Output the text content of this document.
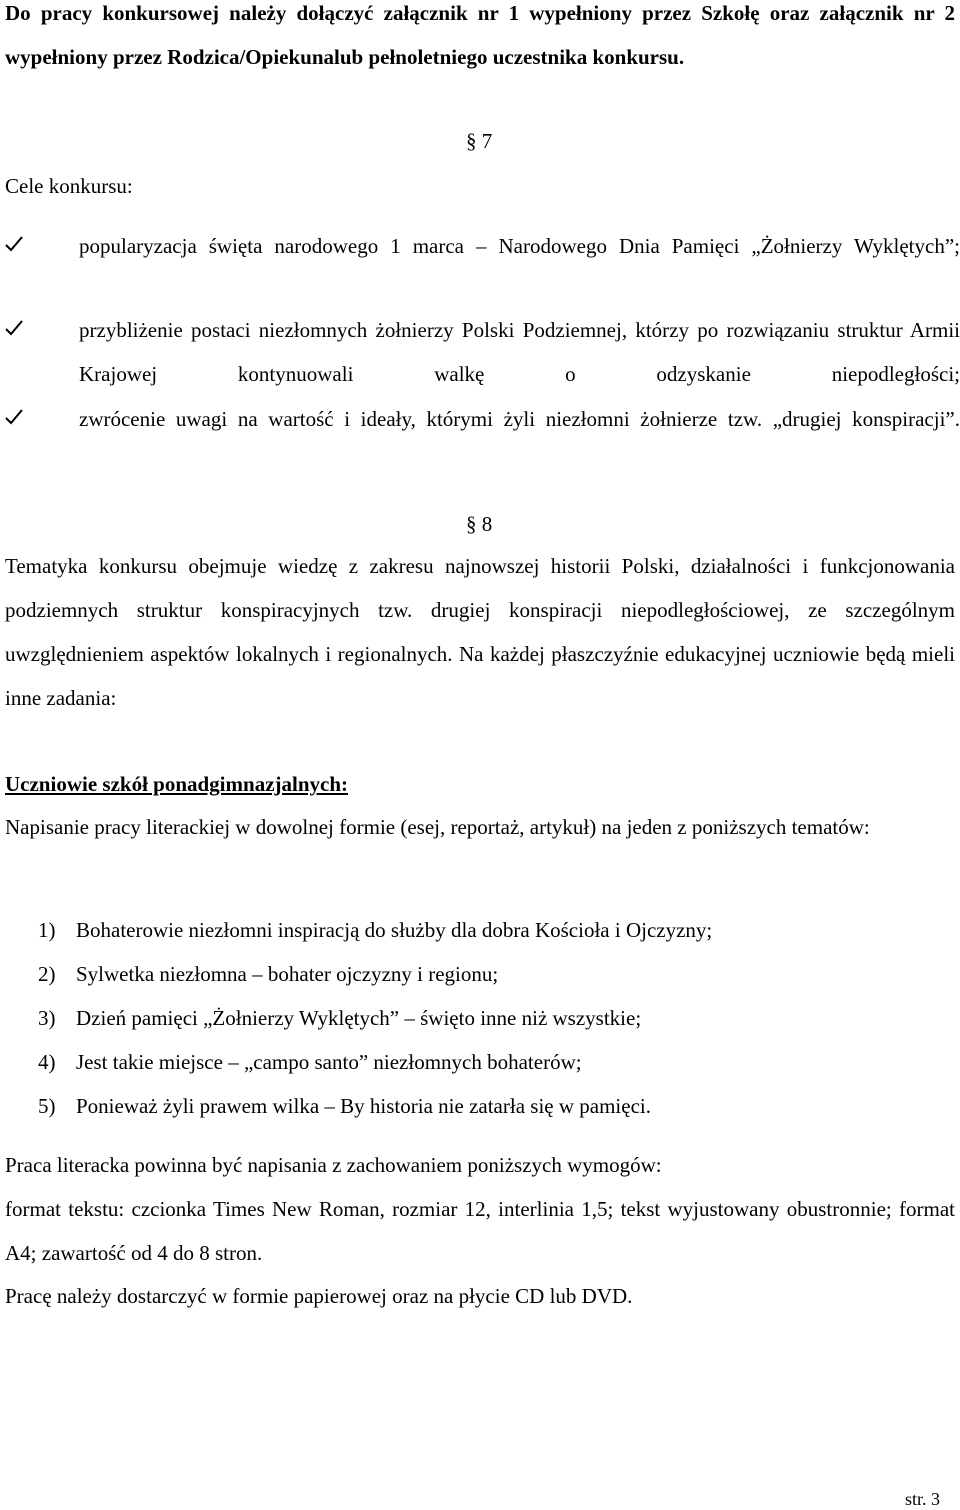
Do pracy konkursowej należy dołączyć załącznik nr 1 wypełniony przez Szkołę oraz załącznik nr 2 wypełniony przez Rodzica/Opiekunalub pełnoletniego uczestnika konkursu.

§ 7

Cele konkursu:

popularyzacja święta narodowego 1 marca – Narodowego Dnia Pamięci „Żołnierzy Wyklętych”;

przybliżenie postaci niezłomnych żołnierzy Polski Podziemnej, którzy po rozwiązaniu struktur Armii Krajowej kontynuowali walkę o odzyskanie niepodległości;

zwrócenie uwagi na wartość i ideały, którymi żyli niezłomni żołnierze tzw. „drugiej konspiracji”.

§ 8

Tematyka konkursu obejmuje wiedzę z zakresu najnowszej historii Polski, działalności i funkcjonowania podziemnych struktur konspiracyjnych tzw. drugiej konspiracji niepodległościowej, ze szczególnym uwzględnieniem aspektów lokalnych i regionalnych. Na każdej płaszczyźnie edukacyjnej uczniowie będą mieli inne zadania:

Uczniowie szkół ponadgimnazjalnych:

Napisanie pracy literackiej w dowolnej formie (esej, reportaż, artykuł) na jeden z poniższych tematów:

1) Bohaterowie niezłomni inspiracją do służby dla dobra Kościoła i Ojczyzny;

2) Sylwetka niezłomna – bohater ojczyzny i regionu;

3) Dzień pamięci „Żołnierzy Wyklętych” – święto inne niż wszystkie;

4) Jest takie miejsce – „campo santo” niezłomnych bohaterów;

5) Ponieważ żyli prawem wilka – By historia nie zatarła się w pamięci.

Praca literacka powinna być napisania z zachowaniem poniższych wymogów:

format tekstu: czcionka Times New Roman, rozmiar 12, interlinia 1,5; tekst wyjustowany obustronnie; format A4; zawartość od 4 do 8 stron.

Pracę należy dostarczyć w formie papierowej oraz na płycie CD lub DVD.

str. 3
